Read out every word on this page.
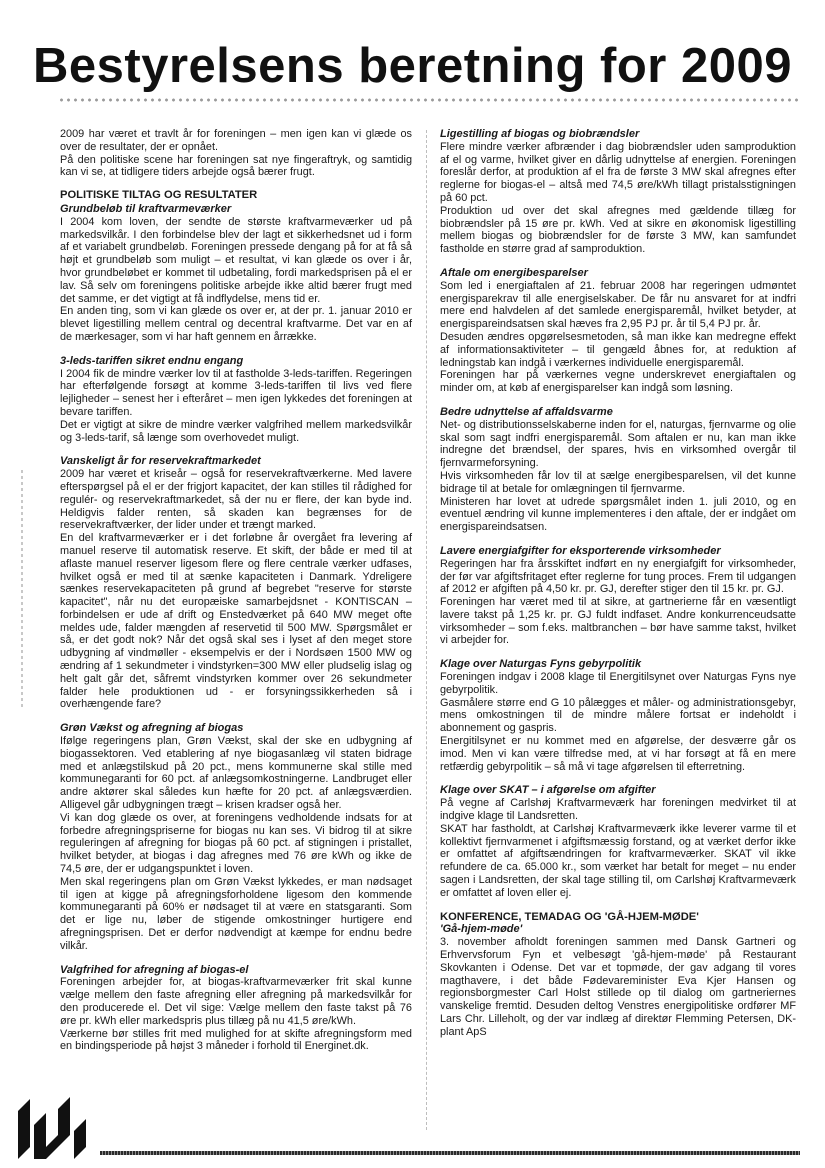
Bestyrelsens beretning for 2009

2009 har været et travlt år for foreningen – men igen kan vi glæde os over de resultater, der er opnået.

På den politiske scene har foreningen sat nye fingeraftryk, og samtidig kan vi se, at tidligere tiders arbejde også bærer frugt.

POLITISKE TILTAG OG RESULTATER
Grundbeløb til kraftvarmeværker

I 2004 kom loven, der sendte de største kraftvarmeværker ud på markedsvilkår. I den forbindelse blev der lagt et sikkerhedsnet ud i form af et variabelt grundbeløb. Foreningen pressede dengang på for at få så højt et grundbeløb som muligt – et resultat, vi kan glæde os over i år, hvor grundbeløbet er kommet til udbetaling, fordi markedsprisen på el er lav. Så selv om foreningens politiske arbejde ikke altid bærer frugt med det samme, er det vigtigt at få indflydelse, mens tid er.

En anden ting, som vi kan glæde os over er, at der pr. 1. januar 2010 er blevet ligestilling mellem central og decentral kraftvarme. Det var en af de mærkesager, som vi har haft gennem en årrække.

3-leds-tariffen sikret endnu engang

I 2004 fik de mindre værker lov til at fastholde 3-leds-tariffen. Regeringen har efterfølgende forsøgt at komme 3-leds-tariffen til livs ved flere lejligheder – senest her i efteråret – men igen lykkedes det foreningen at bevare tariffen.

Det er vigtigt at sikre de mindre værker valgfrihed mellem markedsvilkår og 3-leds-tarif, så længe som overhovedet muligt.

Vanskeligt år for reservekraftmarkedet

2009 har været et kriseår – også for reservekraftværkerne. Med lavere efterspørgsel på el er der frigjort kapacitet, der kan stilles til rådighed for regulér- og reservekraftmarkedet, så der nu er flere, der kan byde ind. Heldigvis falder renten, så skaden kan begrænses for de reservekraftværker, der lider under et trængt marked.

En del kraftvarmeværker er i det forløbne år overgået fra levering af manuel reserve til automatisk reserve. Et skift, der både er med til at aflaste manuel reserver ligesom flere og flere centrale værker udfases, hvilket også er med til at sænke kapaciteten i Danmark. Ydreligere sænkes reservekapaciteten på grund af begrebet "reserve for største kapacitet", når nu det europæiske samarbejdsnet - KONTISCAN –forbindelsen er ude af drift og Enstedværket på 640 MW meget ofte meldes ude, falder mængden af reservetid til 500 MW. Spørgsmålet er så, er det godt nok? Når det også skal ses i lyset af den meget store udbygning af vindmøller - eksempelvis er der i Nordsøen 1500 MW og ændring af 1 sekundmeter i vindstyrken=300 MW eller pludselig islag og helt galt går det, såfremt vindstyrken kommer over 26 sekundmeter falder hele produktionen ud - er forsyningssikkerheden så i overhængende fare?

Grøn Vækst og afregning af biogas

Ifølge regeringens plan, Grøn Vækst, skal der ske en udbygning af biogassektoren. Ved etablering af nye biogasanlæg vil staten bidrage med et anlægstilskud på 20 pct., mens kommunerne skal stille med kommunegaranti for 60 pct. af anlægsomkostningerne. Landbruget eller andre aktører skal således kun hæfte for 20 pct. af anlægsværdien. Alligevel går udbygningen trægt – krisen kradser også her.

Vi kan dog glæde os over, at foreningens vedholdende indsats for at forbedre afregningspriserne for biogas nu kan ses. Vi bidrog til at sikre reguleringen af afregning for biogas på 60 pct. af stigningen i pristallet, hvilket betyder, at biogas i dag afregnes med 76 øre kWh og ikke de 74,5 øre, der er udgangspunktet i loven.

Men skal regeringens plan om Grøn Vækst lykkedes, er man nødsaget til igen at kigge på afregningsforholdene ligesom den kommende kommunegaranti på 60% er nødsaget til at være en statsgaranti. Som det er lige nu, løber de stigende omkostninger hurtigere end afregningsprisen. Det er derfor nødvendigt at kæmpe for endnu bedre vilkår.

Valgfrihed for afregning af biogas-el

Foreningen arbejder for, at biogas-kraftvarmeværker frit skal kunne vælge mellem den faste afregning eller afregning på markedsvilkår for den producerede el. Det vil sige: Vælge mellem den faste takst på 76 øre pr. kWh eller markedspris plus tillæg på nu 41,5 øre/kWh.

Værkerne bør stilles frit med mulighed for at skifte afregningsform med en bindingsperiode på højst 3 måneder i forhold til Energinet.dk.

Ligestilling af biogas og biobrændsler

Flere mindre værker afbrænder i dag biobrændsler uden samproduktion af el og varme, hvilket giver en dårlig udnyttelse af energien. Foreningen foreslår derfor, at produktion af el fra de første 3 MW skal afregnes efter reglerne for biogas-el – altså med 74,5 øre/kWh tillagt pristalsstigningen på 60 pct.

Produktion ud over det skal afregnes med gældende tillæg for biobrændsler på 15 øre pr. kWh. Ved at sikre en økonomisk ligestilling mellem biogas og biobrændsler for de første 3 MW, kan samfundet fastholde en større grad af samproduktion.

Aftale om energibesparelser

Som led i energiaftalen af 21. februar 2008 har regeringen udmøntet energisparekrav til alle energiselskaber. De får nu ansvaret for at indfri mere end halvdelen af det samlede energisparemål, hvilket betyder, at energispareindsatsen skal hæves fra 2,95 PJ pr. år til 5,4 PJ pr. år.

Desuden ændres opgørelsesmetoden, så man ikke kan medregne effekt af informationsaktiviteter – til gengæld åbnes for, at reduktion af ledningstab kan indgå i værkernes individuelle energisparemål.

Foreningen har på værkernes vegne underskrevet energiaftalen og minder om, at køb af energisparelser kan indgå som løsning.

Bedre udnyttelse af affaldsvarme

Net- og distributionsselskaberne inden for el, naturgas, fjernvarme og olie skal som sagt indfri energisparemål. Som aftalen er nu, kan man ikke indregne det brændsel, der spares, hvis en virksomhed overgår til fjernvarmeforsyning.

Hvis virksomheden får lov til at sælge energibesparelsen, vil det kunne bidrage til at betale for omlægningen til fjernvarme.

Ministeren har lovet at udrede spørgsmålet inden 1. juli 2010, og en eventuel ændring vil kunne implementeres i den aftale, der er indgået om energispareindsatsen.

Lavere energiafgifter for eksporterende virksomheder

Regeringen har fra årsskiftet indført en ny energiafgift for virksomheder, der før var afgiftsfritaget efter reglerne for tung proces. Frem til udgangen af 2012 er afgiften på 4,50 kr. pr. GJ, derefter stiger den til 15 kr. pr. GJ.

Foreningen har været med til at sikre, at gartnerierne får en væsentligt lavere takst på 1,25 kr. pr. GJ fuldt indfaset. Andre konkurrenceudsatte virksomheder – som f.eks. maltbranchen – bør have samme takst, hvilket vi arbejder for.

Klage over Naturgas Fyns gebyrpolitik

Foreningen indgav i 2008 klage til Energitilsynet over Naturgas Fyns nye gebyrpolitik.

Gasmålere større end G 10 pålægges et måler- og administrationsgebyr, mens omkostningen til de mindre målere fortsat er indeholdt i abonnement og gaspris.

Energitilsynet er nu kommet med en afgørelse, der desværre går os imod. Men vi kan være tilfredse med, at vi har forsøgt at få en mere retfærdig gebyrpolitik – så må vi tage afgørelsen til efterretning.

Klage over SKAT – i afgørelse om afgifter

På vegne af Carlshøj Kraftvarmeværk har foreningen medvirket til at indgive klage til Landsretten.

SKAT har fastholdt, at Carlshøj Kraftvarmeværk ikke leverer varme til et kollektivt fjernvarmenet i afgiftsmæssig forstand, og at værket derfor ikke er omfattet af afgiftsændringen for kraftvarmeværker. SKAT vil ikke refundere de ca. 65.000 kr., som værket har betalt for meget – nu ender sagen i Landsretten, der skal tage stilling til, om Carlshøj Kraftvarmeværk er omfattet af loven eller ej.

KONFERENCE, TEMADAG OG 'GÅ-HJEM-MØDE'
'Gå-hjem-møde'

3. november afholdt foreningen sammen med Dansk Gartneri og Erhvervsforum Fyn et velbesøgt 'gå-hjem-møde' på Restaurant Skovkanten i Odense. Det var et topmøde, der gav adgang til vores magthavere, i det både Fødevareminister Eva Kjer Hansen og regionsborgmester Carl Holst stillede op til dialog om gartneriernes vanskelige fremtid. Desuden deltog Venstres energipolitiske ordfører MF Lars Chr. Lilleholt, og der var indlæg af direktør Flemming Petersen, DK-plant ApS
